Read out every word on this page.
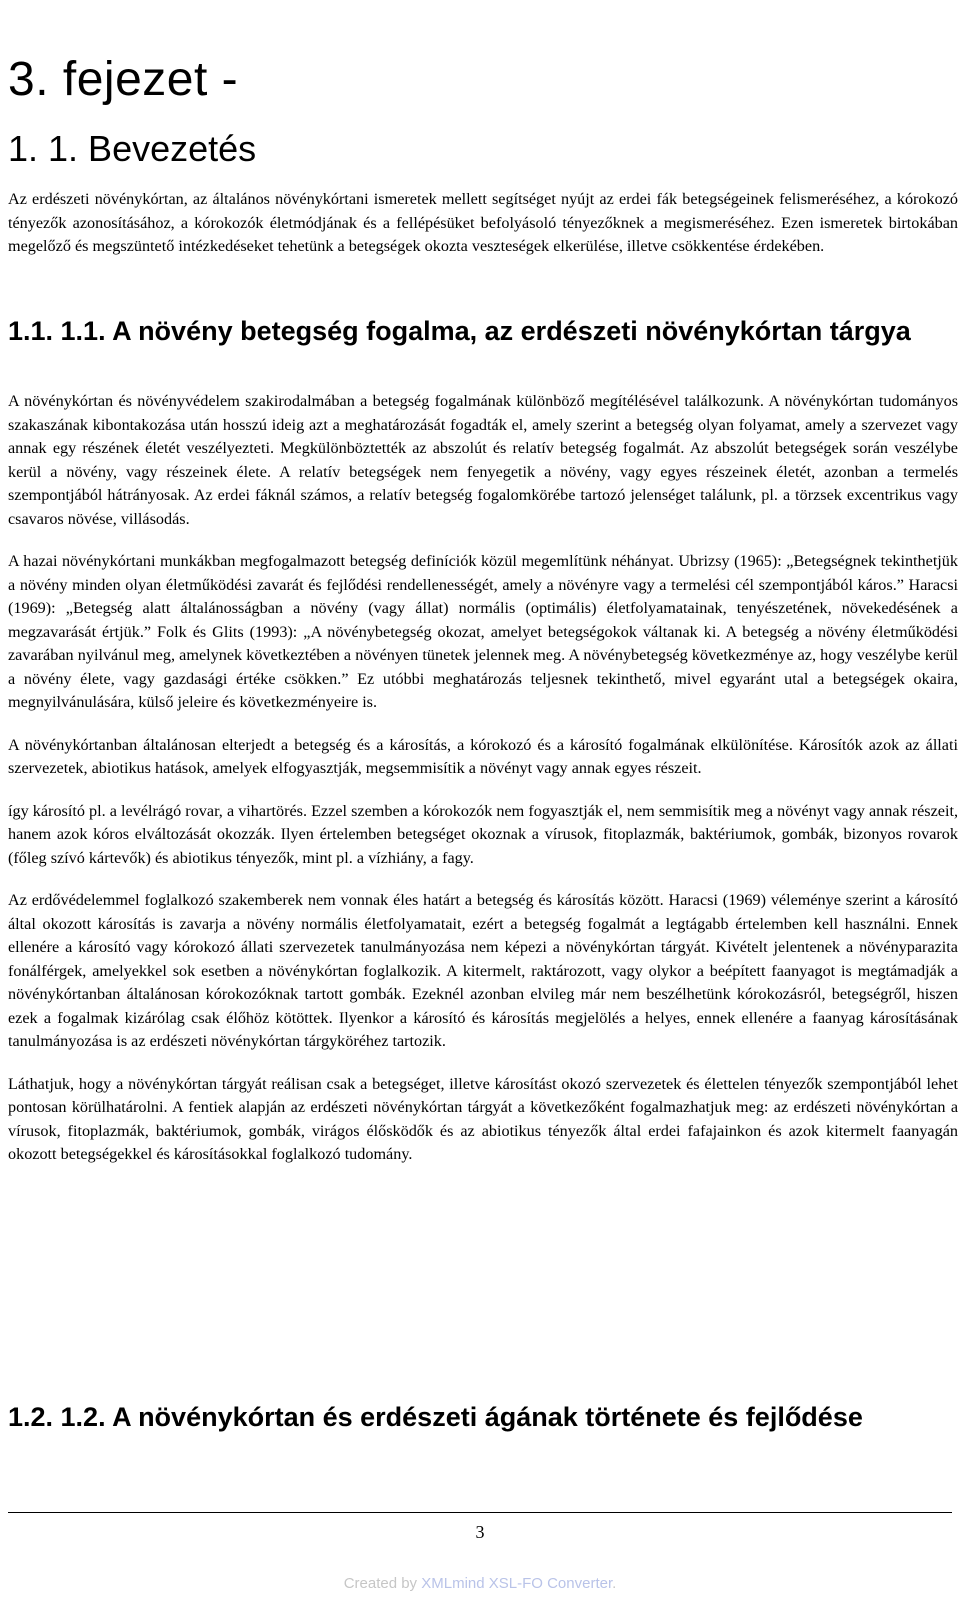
3. fejezet -
1. 1. Bevezetés

Az erdészeti növénykórtan, az általános növénykórtani ismeretek mellett segítséget nyújt az erdei fák betegségeinek felismeréséhez, a kórokozó tényezők azonosításához, a kórokozók életmódjának és a fellépésüket befolyásoló tényezőknek a megismeréséhez. Ezen ismeretek birtokában megelőző és megszüntető intézkedéseket tehetünk a betegségek okozta veszteségek elkerülése, illetve csökkentése érdekében.

1.1. 1.1. A növény betegség fogalma, az erdészeti növénykórtan tárgya

A növénykórtan és növényvédelem szakirodalmában a betegség fogalmának különböző megítélésével találkozunk. A növénykórtan tudományos szakaszának kibontakozása után hosszú ideig azt a meghatározását fogadták el, amely szerint a betegség olyan folyamat, amely a szervezet vagy annak egy részének életét veszélyezteti. Megkülönböztették az abszolút és relatív betegség fogalmát. Az abszolút betegségek során veszélybe kerül a növény, vagy részeinek élete. A relatív betegségek nem fenyegetik a növény, vagy egyes részeinek életét, azonban a termelés szempontjából hátrányosak. Az erdei fáknál számos, a relatív betegség fogalomkörébe tartozó jelenséget találunk, pl. a törzsek excentrikus vagy csavaros növése, villásodás.

A hazai növénykórtani munkákban megfogalmazott betegség definíciók közül megemlítünk néhányat. Ubrizsy (1965): „Betegségnek tekinthetjük a növény minden olyan életműködési zavarát és fejlődési rendellenességét, amely a növényre vagy a termelési cél szempontjából káros.” Haracsi (1969): „Betegség alatt általánosságban a növény (vagy állat) normális (optimális) életfolyamatainak, tenyészetének, növekedésének a megzavarását értjük.” Folk és Glits (1993): „A növénybetegség okozat, amelyet betegségokok váltanak ki. A betegség a növény életműködési zavarában nyilvánul meg, amelynek következtében a növényen tünetek jelennek meg. A növénybetegség következménye az, hogy veszélybe kerül a növény élete, vagy gazdasági értéke csökken.” Ez utóbbi meghatározás teljesnek tekinthető, mivel egyaránt utal a betegségek okaira, megnyilvánulására, külső jeleire és következményeire is.

A növénykórtanban általánosan elterjedt a betegség és a károsítás, a kórokozó és a károsító fogalmának elkülönítése. Károsítók azok az állati szervezetek, abiotikus hatások, amelyek elfogyasztják, megsemmisítik a növényt vagy annak egyes részeit.

így károsító pl. a levélrágó rovar, a vihartörés. Ezzel szemben a kórokozók nem fogyasztják el, nem semmisítik meg a növényt vagy annak részeit, hanem azok kóros elváltozását okozzák. Ilyen értelemben betegséget okoznak a vírusok, fitoplazmák, baktériumok, gombák, bizonyos rovarok (főleg szívó kártevők) és abiotikus tényezők, mint pl. a vízhiány, a fagy.

Az erdővédelemmel foglalkozó szakemberek nem vonnak éles határt a betegség és károsítás között. Haracsi (1969) véleménye szerint a károsító által okozott károsítás is zavarja a növény normális életfolyamatait, ezért a betegség fogalmát a legtágabb értelemben kell használni. Ennek ellenére a károsító vagy kórokozó állati szervezetek tanulmányozása nem képezi a növénykórtan tárgyát. Kivételt jelentenek a növényparazita fonálférgek, amelyekkel sok esetben a növénykórtan foglalkozik. A kitermelt, raktározott, vagy olykor a beépített faanyagot is megtámadják a növénykórtanban általánosan kórokozóknak tartott gombák. Ezeknél azonban elvileg már nem beszélhetünk kórokozásról, betegségről, hiszen ezek a fogalmak kizárólag csak élőhöz kötöttek. Ilyenkor a károsító és károsítás megjelölés a helyes, ennek ellenére a faanyag károsításának tanulmányozása is az erdészeti növénykórtan tárgyköréhez tartozik.

Láthatjuk, hogy a növénykórtan tárgyát reálisan csak a betegséget, illetve károsítást okozó szervezetek és élettelen tényezők szempontjából lehet pontosan körülhatárolni. A fentiek alapján az erdészeti növénykórtan tárgyát a következőként fogalmazhatjuk meg: az erdészeti növénykórtan a vírusok, fitoplazmák, baktériumok, gombák, virágos élősködők és az abiotikus tényezők által erdei fafajainkon és azok kitermelt faanyagán okozott betegségekkel és károsításokkal foglalkozó tudomány.

1.2. 1.2. A növénykórtan és erdészeti ágának története és fejlődése
3
Created by XMLmind XSL-FO Converter.
